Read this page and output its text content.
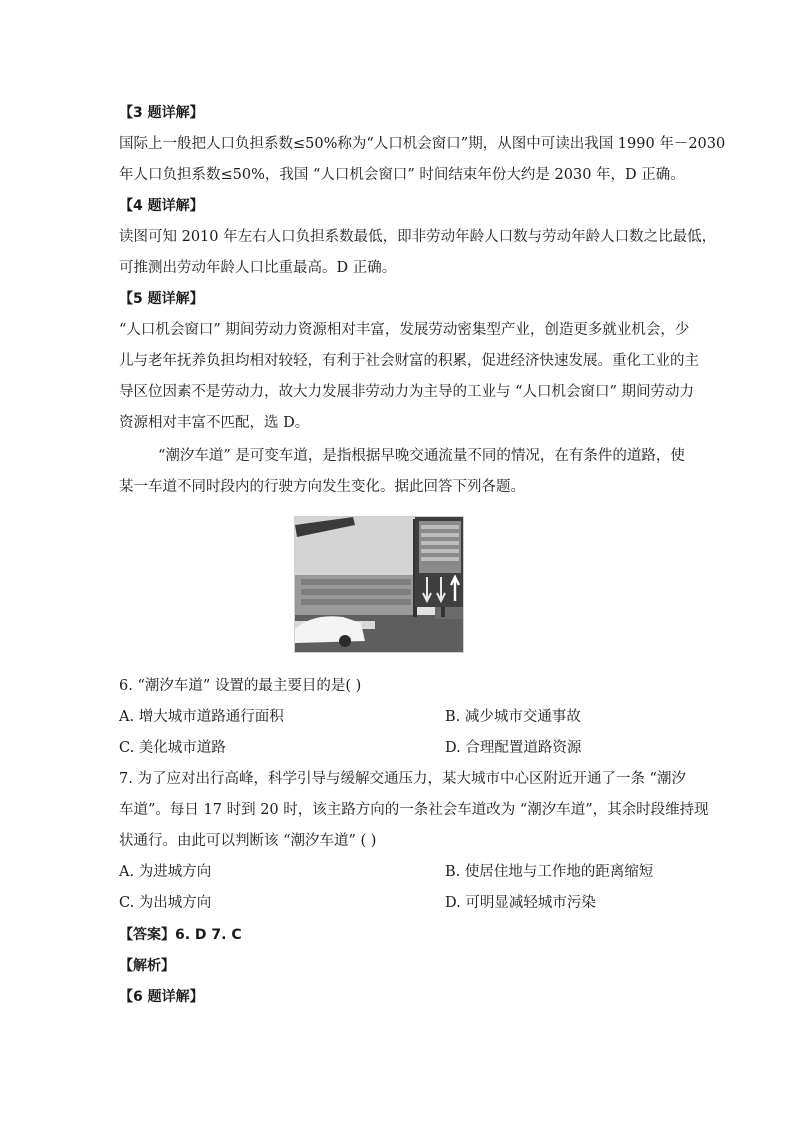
【3 题详解】
国际上一般把人口负担系数≤50%称为“人口机会窗口”期，从图中可读出我国 1990 年－2030
年人口负担系数≤50%，我国 “人口机会窗口” 时间结束年份大约是 2030 年，D 正确。
【4 题详解】
读图可知 2010 年左右人口负担系数最低，即非劳动年龄人口数与劳动年龄人口数之比最低，
可推测出劳动年龄人口比重最高。D 正确。
【5 题详解】
“人口机会窗口” 期间劳动力资源相对丰富，发展劳动密集型产业，创造更多就业机会，少
儿与老年抚养负担均相对较轻，有利于社会财富的积累，促进经济快速发展。重化工业的主
导区位因素不是劳动力，故大力发展非劳动力为主导的工业与 “人口机会窗口” 期间劳动力
资源相对丰富不匹配，选 D。
“潮汐车道” 是可变车道，是指根据早晚交通流量不同的情况，在有条件的道路，使
某一车道不同时段内的行驶方向发生变化。据此回答下列各题。
6. “潮汐车道” 设置的最主要目的是( )
A. 增大城市道路通行面积	B. 减少城市交通事故
C. 美化城市道路	D. 合理配置道路资源
7. 为了应对出行高峰，科学引导与缓解交通压力，某大城市中心区附近开通了一条 “潮汐
车道”。每日 17 时到 20 时，该主路方向的一条社会车道改为 “潮汐车道”，其余时段维持现
状通行。由此可以判断该 “潮汐车道” ( )
A. 为进城方向	B. 使居住地与工作地的距离缩短
C. 为出城方向	D. 可明显减轻城市污染
【答案】6. D 7. C
【解析】
【6 题详解】
